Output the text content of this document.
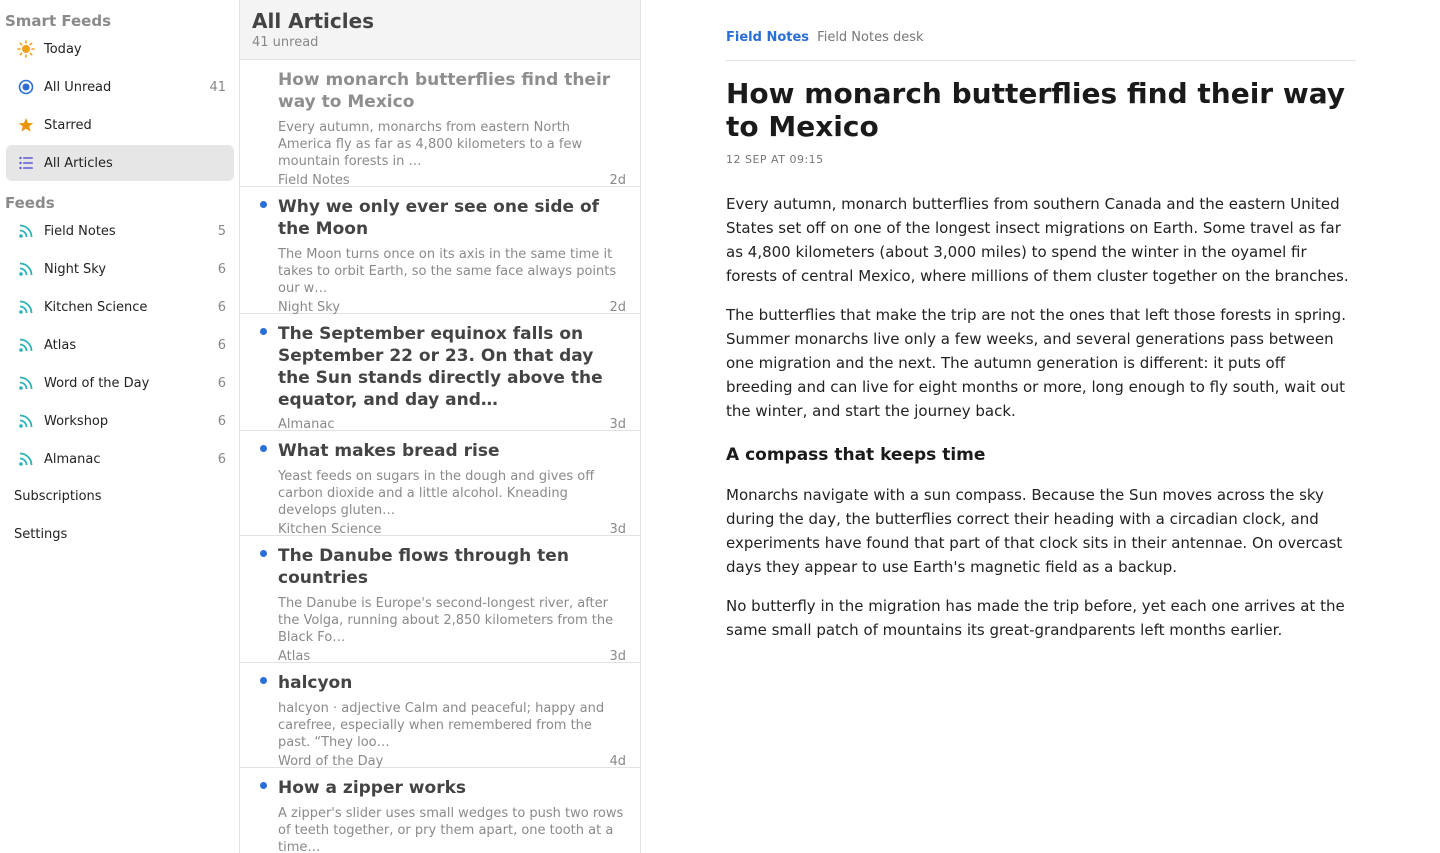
Smart Feeds
Today
All Unread	41
Starred
All Articles
Feeds
Field Notes	5
Night Sky	6
Kitchen Science	6
Atlas	6
Word of the Day	6
Workshop	6
Almanac	6
Subscriptions
Settings
All Articles
41 unread
How monarch butterflies find their way to Mexico
Every autumn, monarchs from eastern North America fly as far as 4,800 kilometers to a few mountain forests in …
Field Notes	2d
Why we only ever see one side of the Moon
The Moon turns once on its axis in the same time it takes to orbit Earth, so the same face always points our w…
Night Sky	2d
The September equinox falls on September 22 or 23. On that day the Sun stands directly above the equator, and day and…
Almanac	3d
What makes bread rise
Yeast feeds on sugars in the dough and gives off carbon dioxide and a little alcohol. Kneading develops gluten…
Kitchen Science	3d
The Danube flows through ten countries
The Danube is Europe's second-longest river, after the Volga, running about 2,850 kilometers from the Black Fo…
Atlas	3d
halcyon
halcyon · adjective Calm and peaceful; happy and carefree, especially when remembered from the past. “They loo…
Word of the Day	4d
How a zipper works
A zipper's slider uses small wedges to push two rows of teeth together, or pry them apart, one tooth at a time…
Field Notes Field Notes desk
How monarch butterflies find their way to Mexico
12 SEP AT 09:15

Every autumn, monarch butterflies from southern Canada and the eastern United States set off on one of the longest insect migrations on Earth. Some travel as far as 4,800 kilometers (about 3,000 miles) to spend the winter in the oyamel fir forests of central Mexico, where millions of them cluster together on the branches.

The butterflies that make the trip are not the ones that left those forests in spring. Summer monarchs live only a few weeks, and several generations pass between one migration and the next. The autumn generation is different: it puts off breeding and can live for eight months or more, long enough to fly south, wait out the winter, and start the journey back.

A compass that keeps time

Monarchs navigate with a sun compass. Because the Sun moves across the sky during the day, the butterflies correct their heading with a circadian clock, and experiments have found that part of that clock sits in their antennae. On overcast days they appear to use Earth's magnetic field as a backup.

No butterfly in the migration has made the trip before, yet each one arrives at the same small patch of mountains its great-grandparents left months earlier.
